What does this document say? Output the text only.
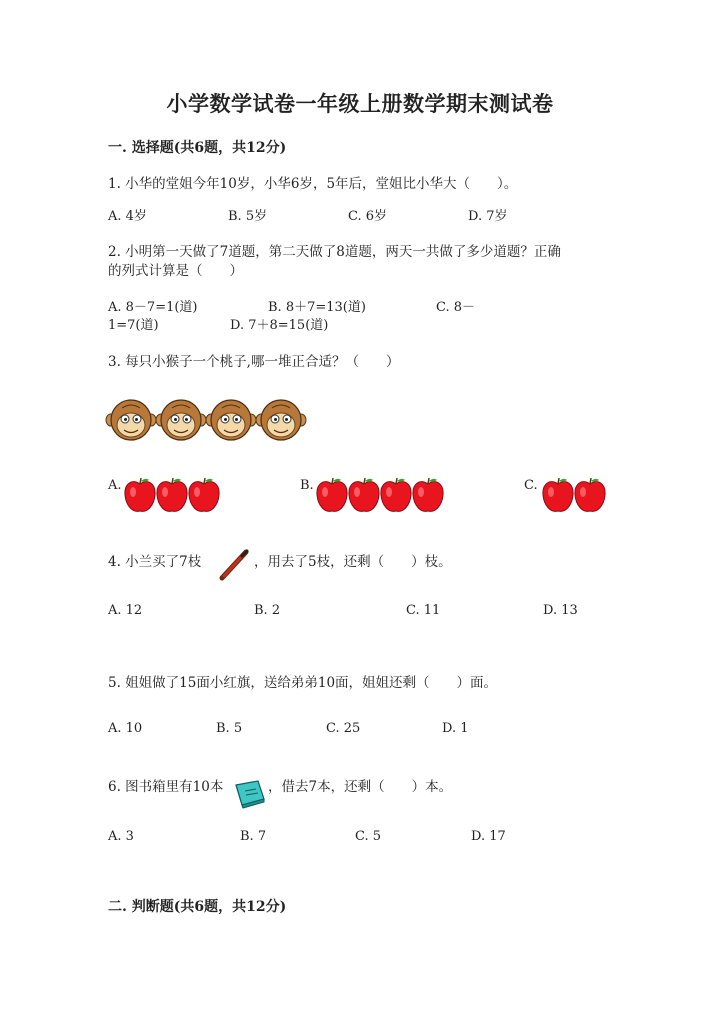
小学数学试卷一年级上册数学期末测试卷
一. 选择题(共6题，共12分)
1. 小华的堂姐今年10岁，小华6岁，5年后，堂姐比小华大（　　）。
A. 4岁	B. 5岁	C. 6岁	D. 7岁
2. 小明第一天做了7道题，第二天做了8道题，两天一共做了多少道题？正确
的列式计算是（　　）
A. 8－7=1(道)	B. 8＋7=13(道)	C. 8－
1=7(道)	D. 7＋8=15(道)
3. 每只小猴子一个桃子,哪一堆正合适？（　　）
A.	B.	C.
4. 小兰买了7枝	，用去了5枝，还剩（　　）枝。
A. 12	B. 2	C. 11	D. 13
5. 姐姐做了15面小红旗，送给弟弟10面，姐姐还剩（　　）面。
A. 10	B. 5	C. 25	D. 1
6. 图书箱里有10本	，借去7本，还剩（　　）本。
A. 3	B. 7	C. 5	D. 17
二. 判断题(共6题，共12分)
